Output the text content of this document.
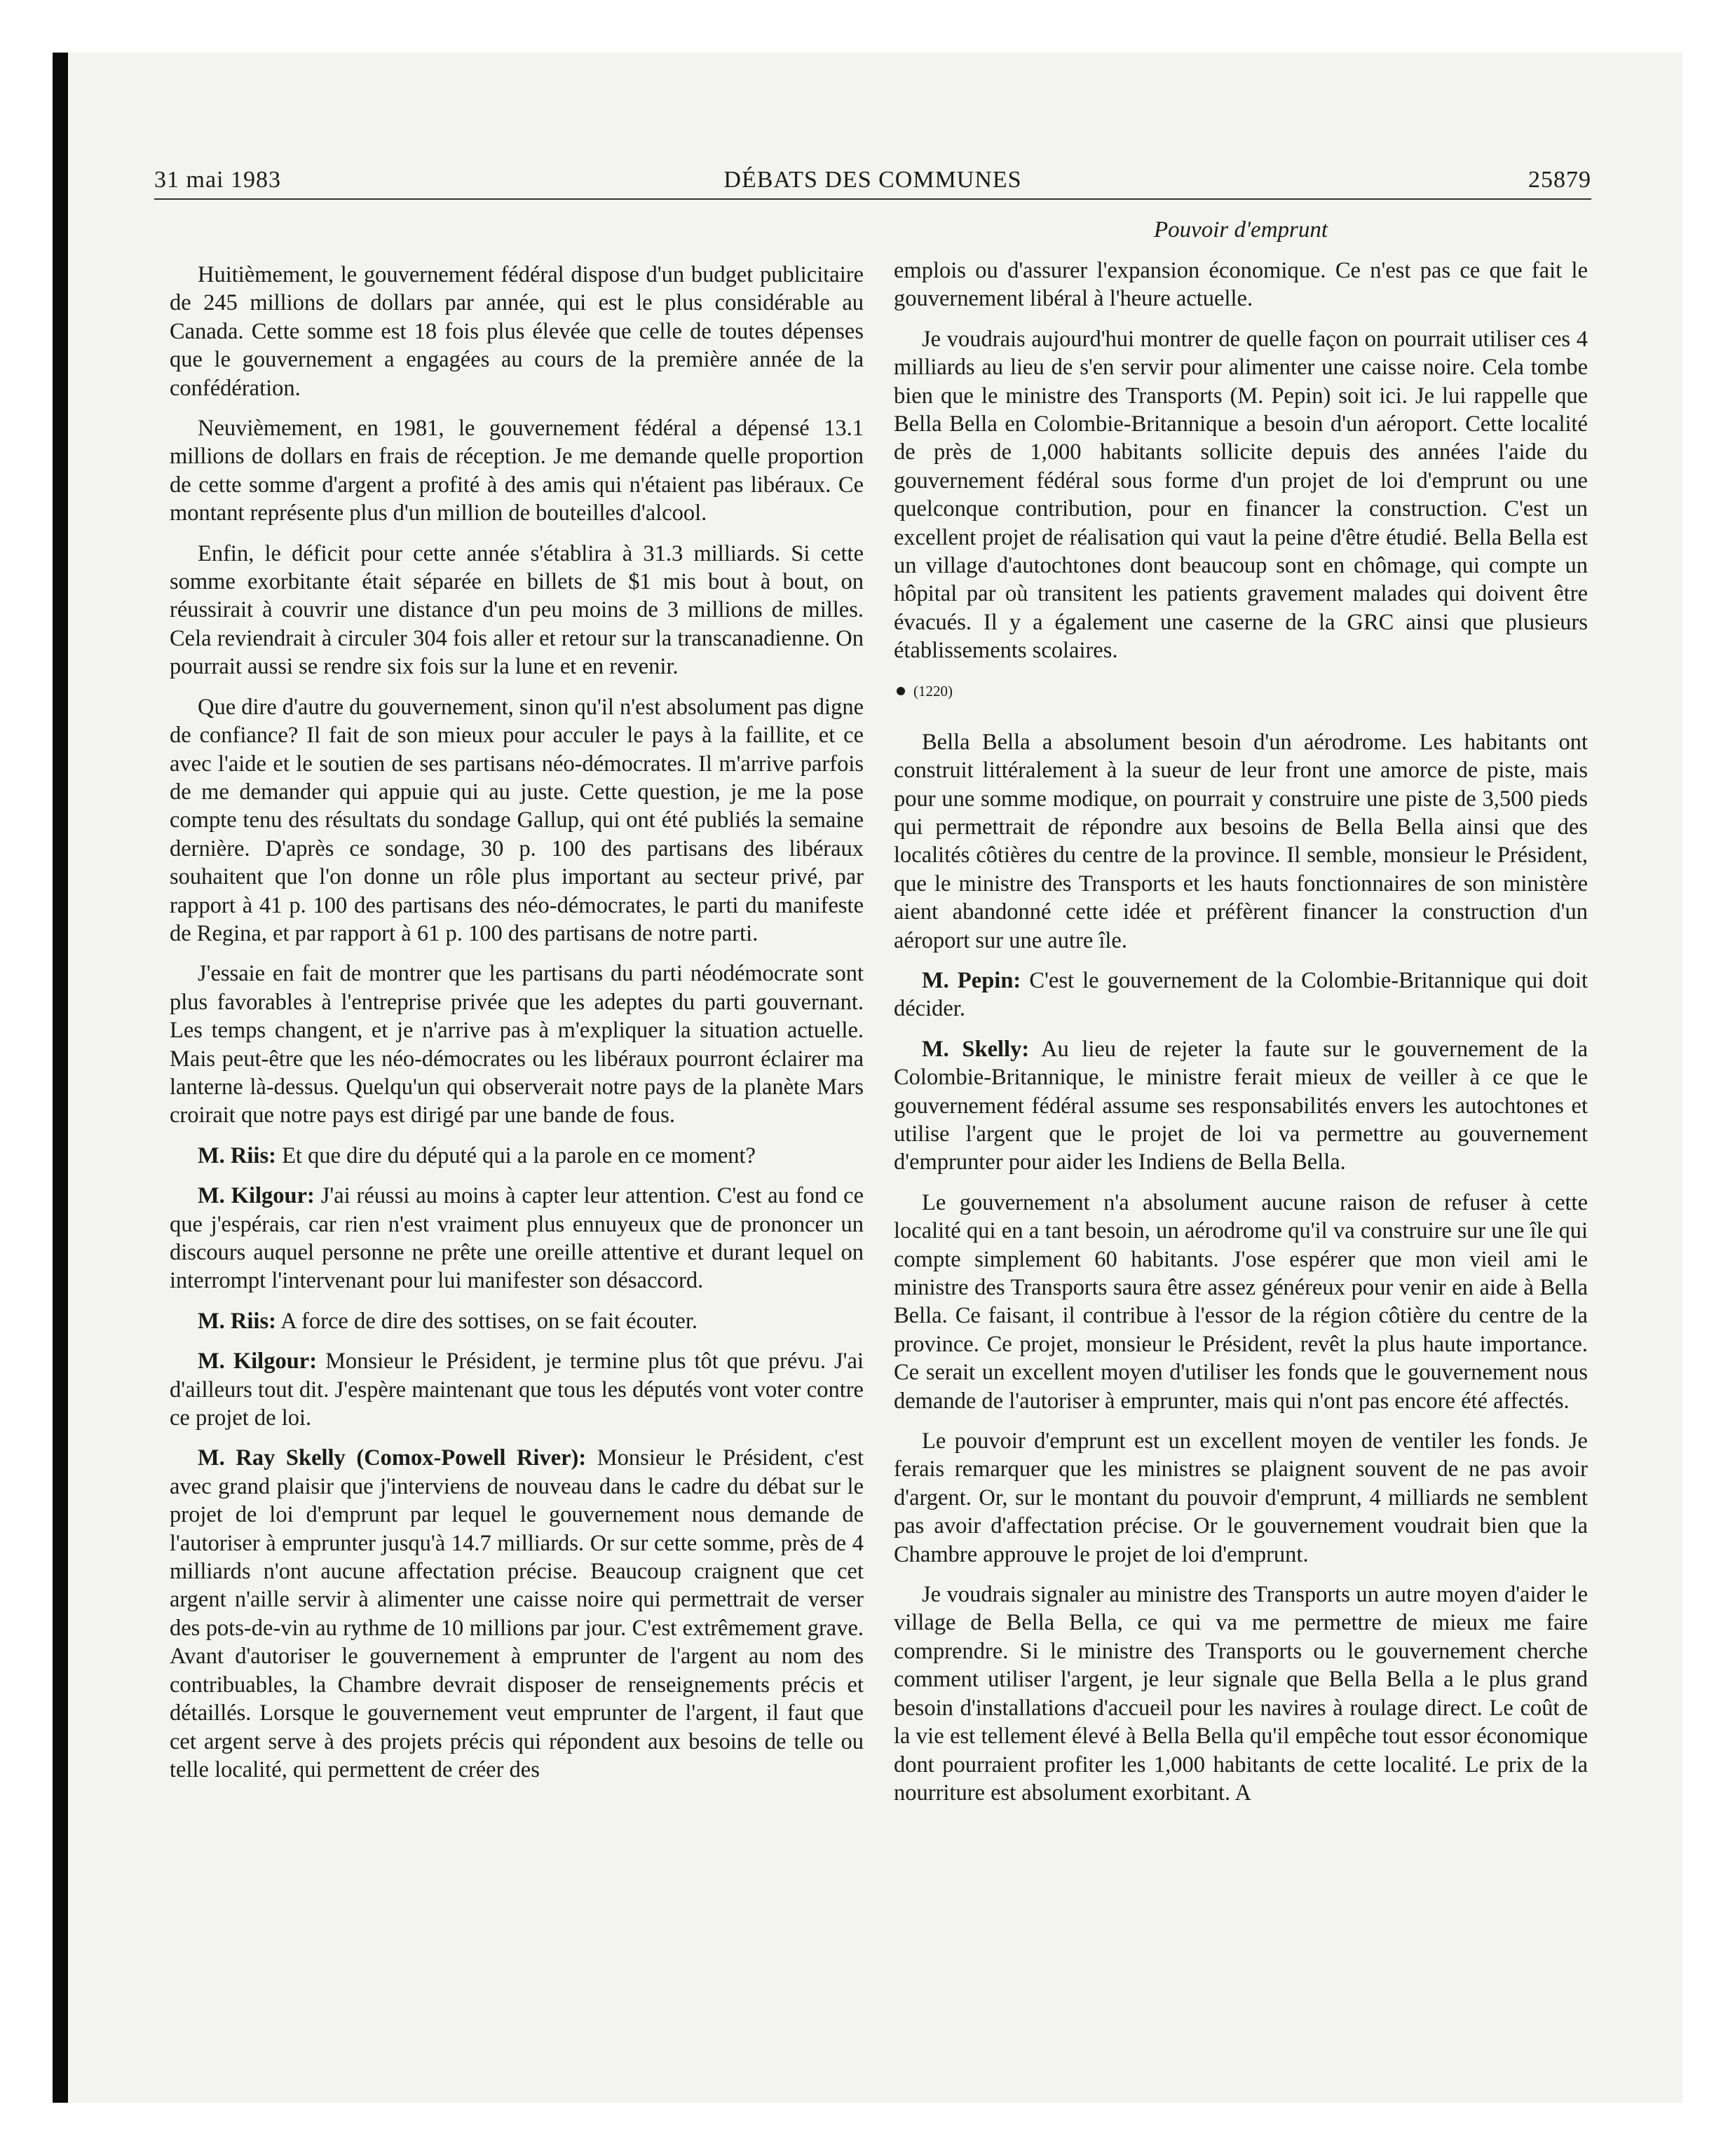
31 mai 1983	DÉBATS DES COMMUNES	25879
Pouvoir d'emprunt

Huitièmement, le gouvernement fédéral dispose d'un budget publicitaire de 245 millions de dollars par année, qui est le plus considérable au Canada. Cette somme est 18 fois plus élevée que celle de toutes dépenses que le gouvernement a engagées au cours de la première année de la confédération.

Neuvièmement, en 1981, le gouvernement fédéral a dépensé 13.1 millions de dollars en frais de réception. Je me demande quelle proportion de cette somme d'argent a profité à des amis qui n'étaient pas libéraux. Ce montant représente plus d'un million de bouteilles d'alcool.

Enfin, le déficit pour cette année s'établira à 31.3 milliards. Si cette somme exorbitante était séparée en billets de $1 mis bout à bout, on réussirait à couvrir une distance d'un peu moins de 3 millions de milles. Cela reviendrait à circuler 304 fois aller et retour sur la transcanadienne. On pourrait aussi se rendre six fois sur la lune et en revenir.

Que dire d'autre du gouvernement, sinon qu'il n'est absolument pas digne de confiance? Il fait de son mieux pour acculer le pays à la faillite, et ce avec l'aide et le soutien de ses partisans néo-démocrates. Il m'arrive parfois de me demander qui appuie qui au juste. Cette question, je me la pose compte tenu des résultats du sondage Gallup, qui ont été publiés la semaine dernière. D'après ce sondage, 30 p. 100 des partisans des libéraux souhaitent que l'on donne un rôle plus important au secteur privé, par rapport à 41 p. 100 des partisans des néo-démocrates, le parti du manifeste de Regina, et par rapport à 61 p. 100 des partisans de notre parti.

J'essaie en fait de montrer que les partisans du parti néodémocrate sont plus favorables à l'entreprise privée que les adeptes du parti gouvernant. Les temps changent, et je n'arrive pas à m'expliquer la situation actuelle. Mais peut-être que les néo-démocrates ou les libéraux pourront éclairer ma lanterne là-dessus. Quelqu'un qui observerait notre pays de la planète Mars croirait que notre pays est dirigé par une bande de fous.

M. Riis: Et que dire du député qui a la parole en ce moment?

M. Kilgour: J'ai réussi au moins à capter leur attention. C'est au fond ce que j'espérais, car rien n'est vraiment plus ennuyeux que de prononcer un discours auquel personne ne prête une oreille attentive et durant lequel on interrompt l'intervenant pour lui manifester son désaccord.

M. Riis: A force de dire des sottises, on se fait écouter.

M. Kilgour: Monsieur le Président, je termine plus tôt que prévu. J'ai d'ailleurs tout dit. J'espère maintenant que tous les députés vont voter contre ce projet de loi.

M. Ray Skelly (Comox-Powell River): Monsieur le Président, c'est avec grand plaisir que j'interviens de nouveau dans le cadre du débat sur le projet de loi d'emprunt par lequel le gouvernement nous demande de l'autoriser à emprunter jusqu'à 14.7 milliards. Or sur cette somme, près de 4 milliards n'ont aucune affectation précise. Beaucoup craignent que cet argent n'aille servir à alimenter une caisse noire qui permettrait de verser des pots-de-vin au rythme de 10 millions par jour. C'est extrêmement grave. Avant d'autoriser le gouvernement à emprunter de l'argent au nom des contribuables, la Chambre devrait disposer de renseignements précis et détaillés. Lorsque le gouvernement veut emprunter de l'argent, il faut que cet argent serve à des projets précis qui répondent aux besoins de telle ou telle localité, qui permettent de créer des

emplois ou d'assurer l'expansion économique. Ce n'est pas ce que fait le gouvernement libéral à l'heure actuelle.

Je voudrais aujourd'hui montrer de quelle façon on pourrait utiliser ces 4 milliards au lieu de s'en servir pour alimenter une caisse noire. Cela tombe bien que le ministre des Transports (M. Pepin) soit ici. Je lui rappelle que Bella Bella en Colombie-Britannique a besoin d'un aéroport. Cette localité de près de 1,000 habitants sollicite depuis des années l'aide du gouvernement fédéral sous forme d'un projet de loi d'emprunt ou une quelconque contribution, pour en financer la construction. C'est un excellent projet de réalisation qui vaut la peine d'être étudié. Bella Bella est un village d'autochtones dont beaucoup sont en chômage, qui compte un hôpital par où transitent les patients gravement malades qui doivent être évacués. Il y a également une caserne de la GRC ainsi que plusieurs établissements scolaires.

(1220)

Bella Bella a absolument besoin d'un aérodrome. Les habitants ont construit littéralement à la sueur de leur front une amorce de piste, mais pour une somme modique, on pourrait y construire une piste de 3,500 pieds qui permettrait de répondre aux besoins de Bella Bella ainsi que des localités côtières du centre de la province. Il semble, monsieur le Président, que le ministre des Transports et les hauts fonctionnaires de son ministère aient abandonné cette idée et préfèrent financer la construction d'un aéroport sur une autre île.

M. Pepin: C'est le gouvernement de la Colombie-Britannique qui doit décider.

M. Skelly: Au lieu de rejeter la faute sur le gouvernement de la Colombie-Britannique, le ministre ferait mieux de veiller à ce que le gouvernement fédéral assume ses responsabilités envers les autochtones et utilise l'argent que le projet de loi va permettre au gouvernement d'emprunter pour aider les Indiens de Bella Bella.

Le gouvernement n'a absolument aucune raison de refuser à cette localité qui en a tant besoin, un aérodrome qu'il va construire sur une île qui compte simplement 60 habitants. J'ose espérer que mon vieil ami le ministre des Transports saura être assez généreux pour venir en aide à Bella Bella. Ce faisant, il contribue à l'essor de la région côtière du centre de la province. Ce projet, monsieur le Président, revêt la plus haute importance. Ce serait un excellent moyen d'utiliser les fonds que le gouvernement nous demande de l'autoriser à emprunter, mais qui n'ont pas encore été affectés.

Le pouvoir d'emprunt est un excellent moyen de ventiler les fonds. Je ferais remarquer que les ministres se plaignent souvent de ne pas avoir d'argent. Or, sur le montant du pouvoir d'emprunt, 4 milliards ne semblent pas avoir d'affectation précise. Or le gouvernement voudrait bien que la Chambre approuve le projet de loi d'emprunt.

Je voudrais signaler au ministre des Transports un autre moyen d'aider le village de Bella Bella, ce qui va me permettre de mieux me faire comprendre. Si le ministre des Transports ou le gouvernement cherche comment utiliser l'argent, je leur signale que Bella Bella a le plus grand besoin d'installations d'accueil pour les navires à roulage direct. Le coût de la vie est tellement élevé à Bella Bella qu'il empêche tout essor économique dont pourraient profiter les 1,000 habitants de cette localité. Le prix de la nourriture est absolument exorbitant. A
